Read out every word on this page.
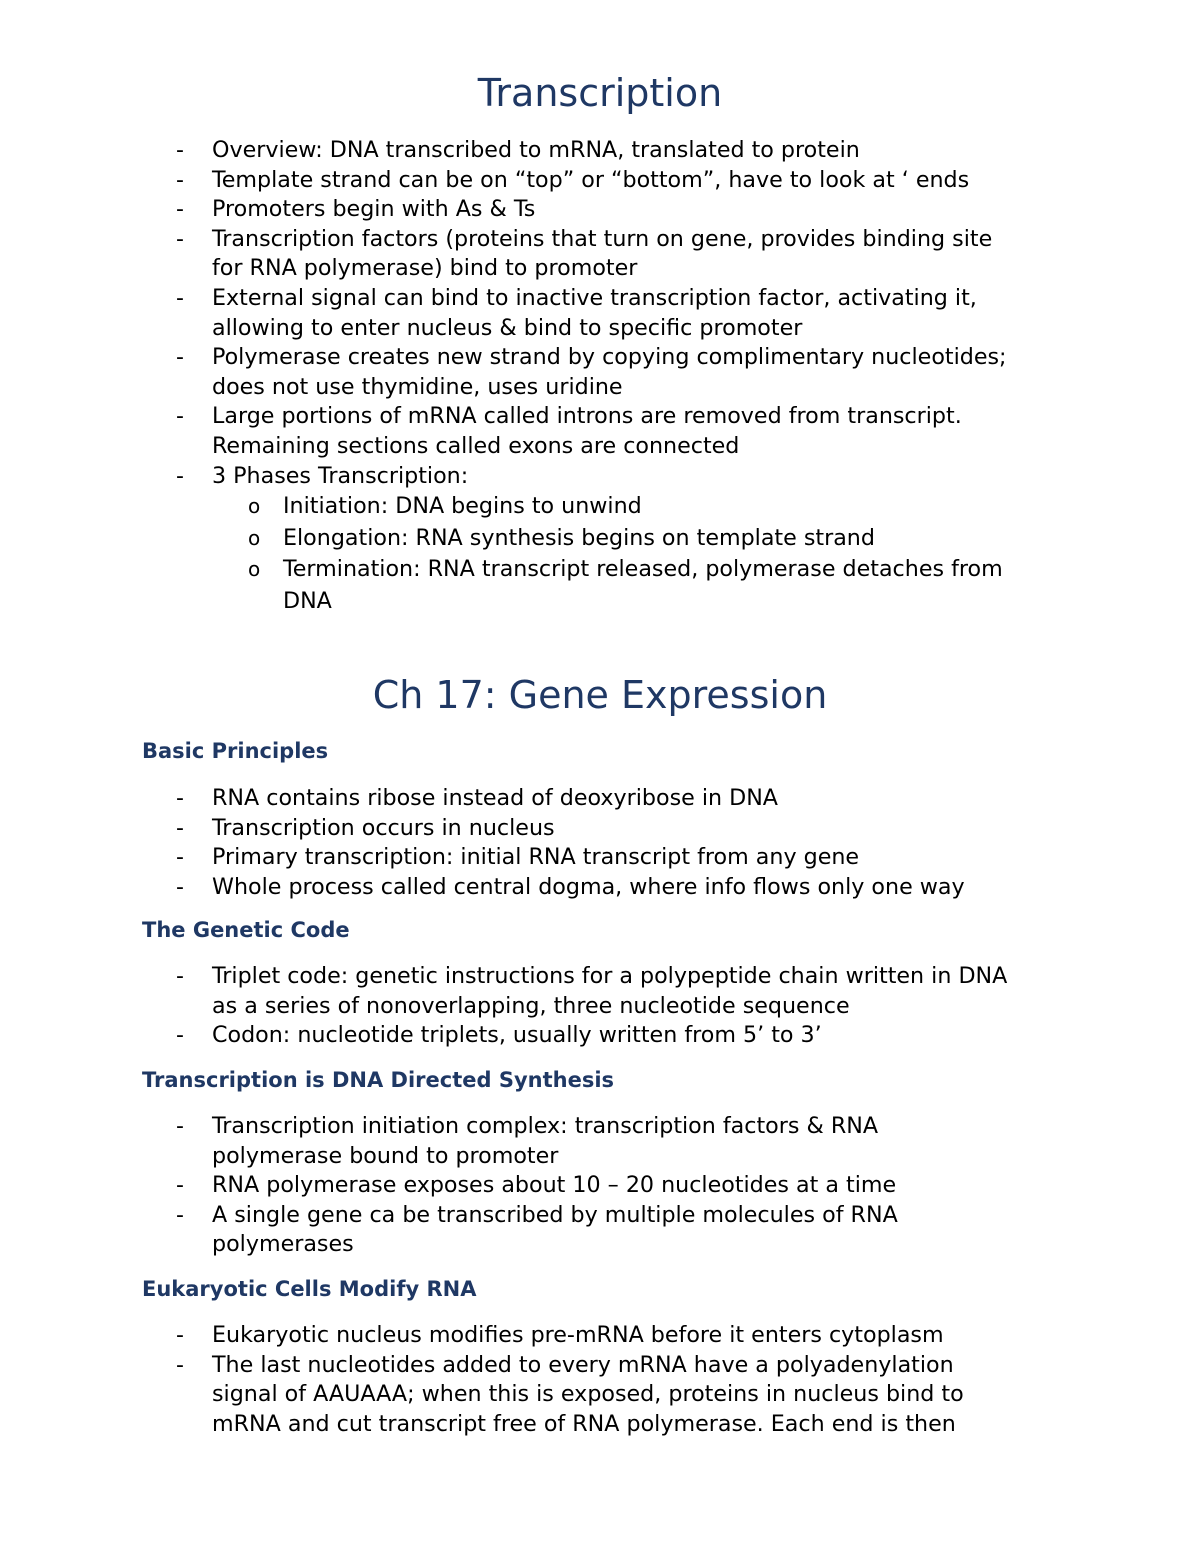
Transcription
- Overview: DNA transcribed to mRNA, translated to protein
- Template strand can be on “top” or “bottom”, have to look at ‘ ends
- Promoters begin with As & Ts
- Transcription factors (proteins that turn on gene, provides binding site
for RNA polymerase) bind to promoter
- External signal can bind to inactive transcription factor, activating it,
allowing to enter nucleus & bind to specific promoter
- Polymerase creates new strand by copying complimentary nucleotides;
does not use thymidine, uses uridine
- Large portions of mRNA called introns are removed from transcript.
Remaining sections called exons are connected
- 3 Phases Transcription:
o Initiation: DNA begins to unwind
o Elongation: RNA synthesis begins on template strand
o Termination: RNA transcript released, polymerase detaches from
DNA
Ch 17: Gene Expression
Basic Principles
- RNA contains ribose instead of deoxyribose in DNA
- Transcription occurs in nucleus
- Primary transcription: initial RNA transcript from any gene
- Whole process called central dogma, where info flows only one way
The Genetic Code
- Triplet code: genetic instructions for a polypeptide chain written in DNA
as a series of nonoverlapping, three nucleotide sequence
- Codon: nucleotide triplets, usually written from 5’ to 3’
Transcription is DNA Directed Synthesis
- Transcription initiation complex: transcription factors & RNA
polymerase bound to promoter
- RNA polymerase exposes about 10 – 20 nucleotides at a time
- A single gene ca be transcribed by multiple molecules of RNA
polymerases
Eukaryotic Cells Modify RNA
- Eukaryotic nucleus modifies pre-mRNA before it enters cytoplasm
- The last nucleotides added to every mRNA have a polyadenylation
signal of AAUAAA; when this is exposed, proteins in nucleus bind to
mRNA and cut transcript free of RNA polymerase. Each end is then
